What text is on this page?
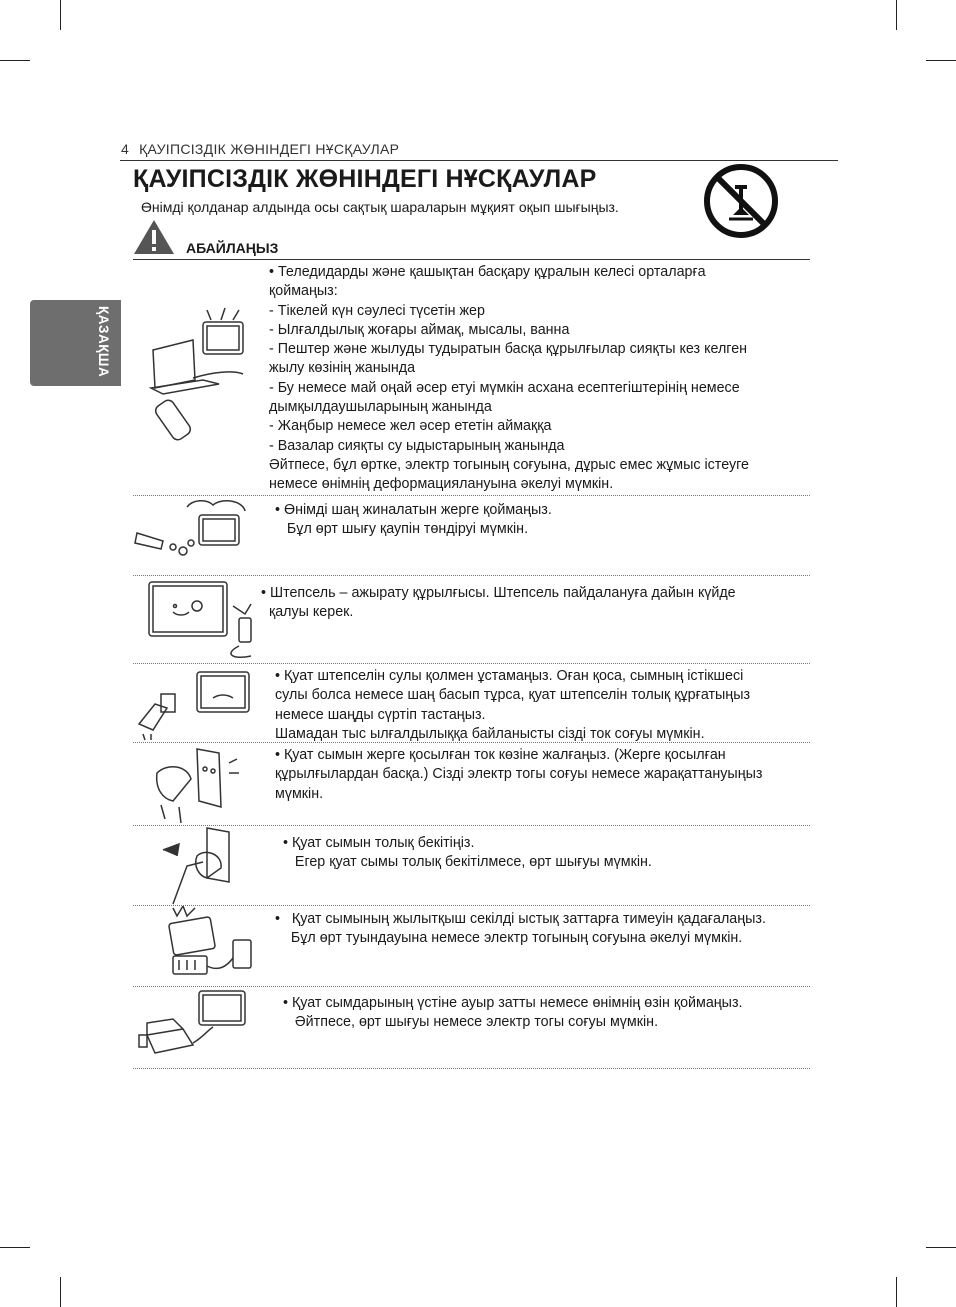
4 ҚАУІПСІЗДІК ЖӨНІНДЕГІ НҰСҚАУЛАР
ҚАЗАҚША
ҚАУІПСІЗДІК ЖӨНІНДЕГІ НҰСҚАУЛАР
Өнімді қолданар алдында осы сақтық шараларын мұқият оқып шығыңыз.
АБАЙЛАҢЫЗ

• Теледидарды және қашықтан басқару құралын келесі орталарға

қоймаңыз:

- Тікелей күн сәулесі түсетін жер

- Ылғалдылық жоғары аймақ, мысалы, ванна

- Пештер және жылуды тудыратын басқа құрылғылар сияқты кез келген

жылу көзінің жанында

- Бу немесе май оңай әсер етуі мүмкін асхана есептегіштерінің немесе

дымқылдаушыларының жанында

- Жаңбыр немесе жел әсер ететін аймаққа

- Вазалар сияқты су ыдыстарының жанында

Әйтпесе, бұл өртке, электр тогының соғуына, дұрыс емес жұмыс істеуге

немесе өнімнің деформациялануына әкелуі мүмкін.

• Өнімді шаң жиналатын жерге қоймаңыз.

Бұл өрт шығу қаупін төндіруі мүмкін.

• Штепсель – ажырату құрылғысы. Штепсель пайдалануға дайын күйде

қалуы керек.

• Қуат штепселін сулы қолмен ұстамаңыз. Оған қоса, сымның істікшесі

сулы болса немесе шаң басып тұрса, қуат штепселін толық құрғатыңыз

немесе шаңды сүртіп тастаңыз.

Шамадан тыс ылғалдылыққа байланысты сізді ток соғуы мүмкін.

• Қуат сымын жерге қосылған ток көзіне жалғаңыз. (Жерге қосылған

құрылғылардан басқа.) Сізді электр тогы соғуы немесе жарақаттануыңыз

мүмкін.

• Қуат сымын толық бекітіңіз.

Егер қуат сымы толық бекітілмесе, өрт шығуы мүмкін.

•   Қуат сымының жылытқыш секілді ыстық заттарға тимеуін қадағалаңыз.

Бұл өрт туындауына немесе электр тогының соғуына әкелуі мүмкін.

• Қуат сымдарының үстіне ауыр затты немесе өнімнің өзін қоймаңыз.

Әйтпесе, өрт шығуы немесе электр тогы соғуы мүмкін.
